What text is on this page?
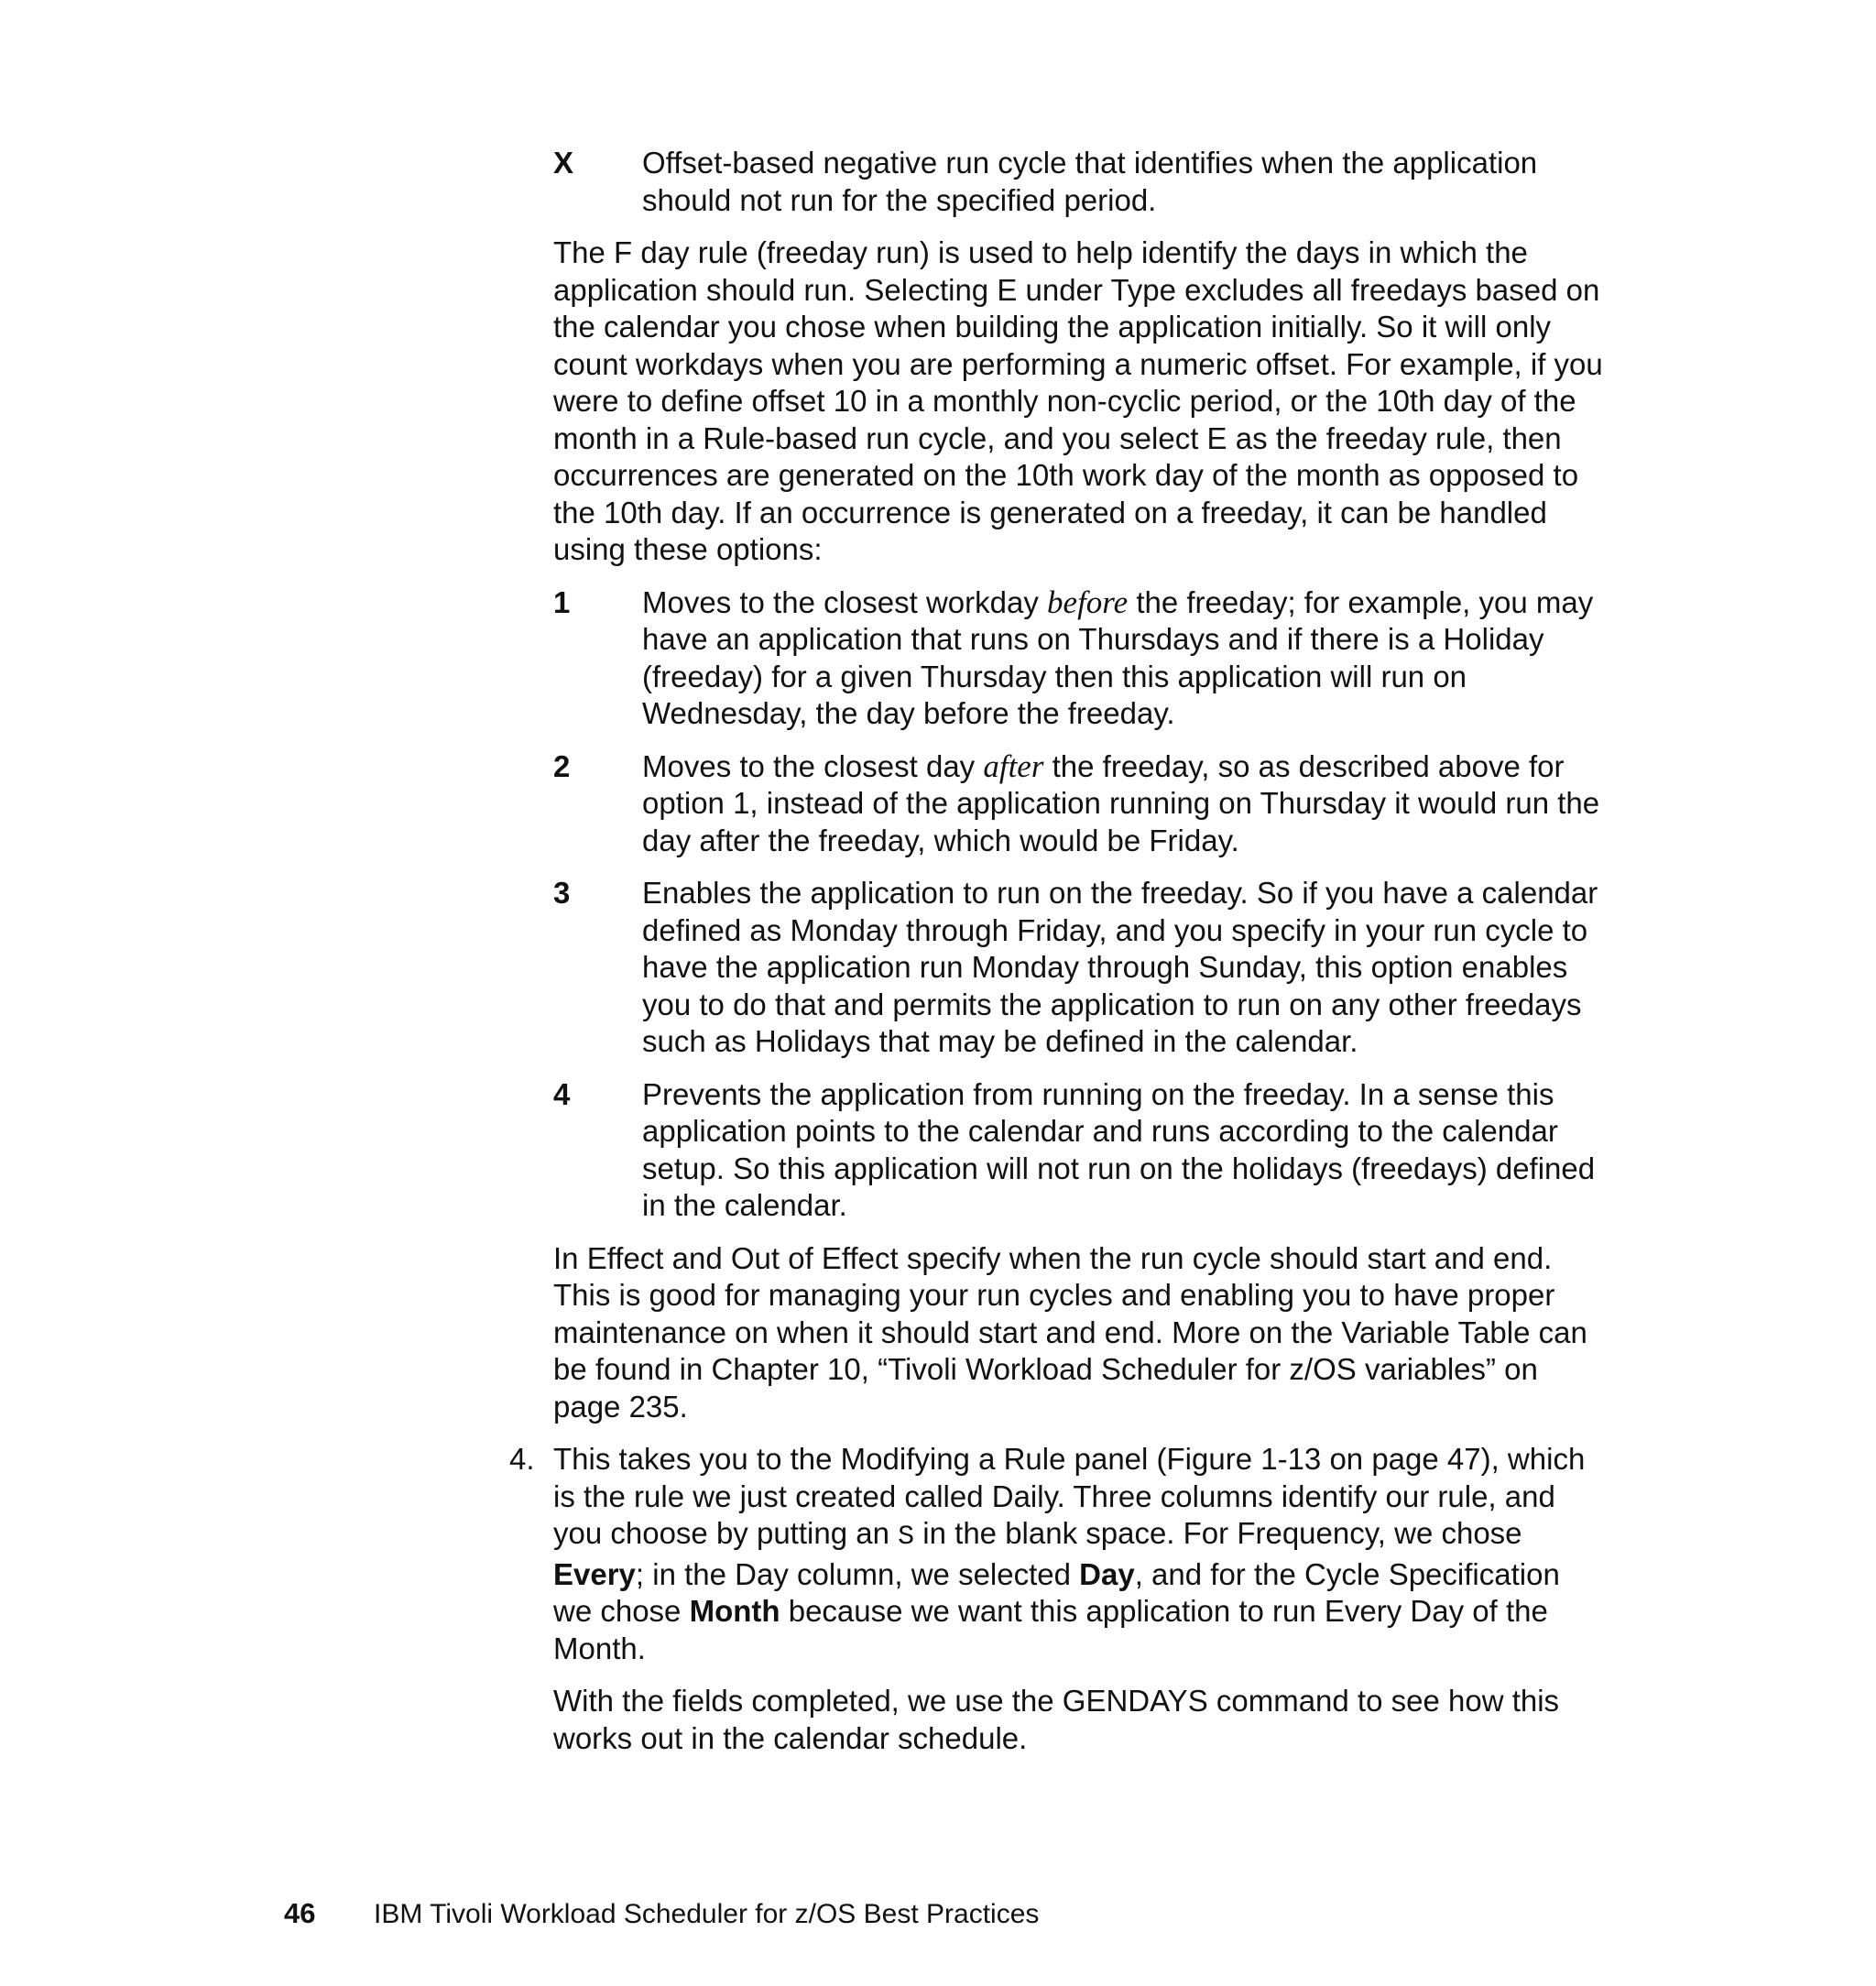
X	Offset-based negative run cycle that identifies when the application should not run for the specified period.

The F day rule (freeday run) is used to help identify the days in which the application should run. Selecting E under Type excludes all freedays based on the calendar you chose when building the application initially. So it will only count workdays when you are performing a numeric offset. For example, if you were to define offset 10 in a monthly non-cyclic period, or the 10th day of the month in a Rule-based run cycle, and you select E as the freeday rule, then occurrences are generated on the 10th work day of the month as opposed to the 10th day. If an occurrence is generated on a freeday, it can be handled using these options:

1	Moves to the closest workday before the freeday; for example, you may have an application that runs on Thursdays and if there is a Holiday (freeday) for a given Thursday then this application will run on Wednesday, the day before the freeday.
2	Moves to the closest day after the freeday, so as described above for option 1, instead of the application running on Thursday it would run the day after the freeday, which would be Friday.
3	Enables the application to run on the freeday. So if you have a calendar defined as Monday through Friday, and you specify in your run cycle to have the application run Monday through Sunday, this option enables you to do that and permits the application to run on any other freedays such as Holidays that may be defined in the calendar.
4	Prevents the application from running on the freeday. In a sense this application points to the calendar and runs according to the calendar setup. So this application will not run on the holidays (freedays) defined in the calendar.

In Effect and Out of Effect specify when the run cycle should start and end. This is good for managing your run cycles and enabling you to have proper maintenance on when it should start and end. More on the Variable Table can be found in Chapter 10, “Tivoli Workload Scheduler for z/OS variables” on page 235.

4. This takes you to the Modifying a Rule panel (Figure 1-13 on page 47), which is the rule we just created called Daily. Three columns identify our rule, and you choose by putting an S in the blank space. For Frequency, we chose Every; in the Day column, we selected Day, and for the Cycle Specification we chose Month because we want this application to run Every Day of the Month.

With the fields completed, we use the GENDAYS command to see how this works out in the calendar schedule.

46	IBM Tivoli Workload Scheduler for z/OS Best Practices
